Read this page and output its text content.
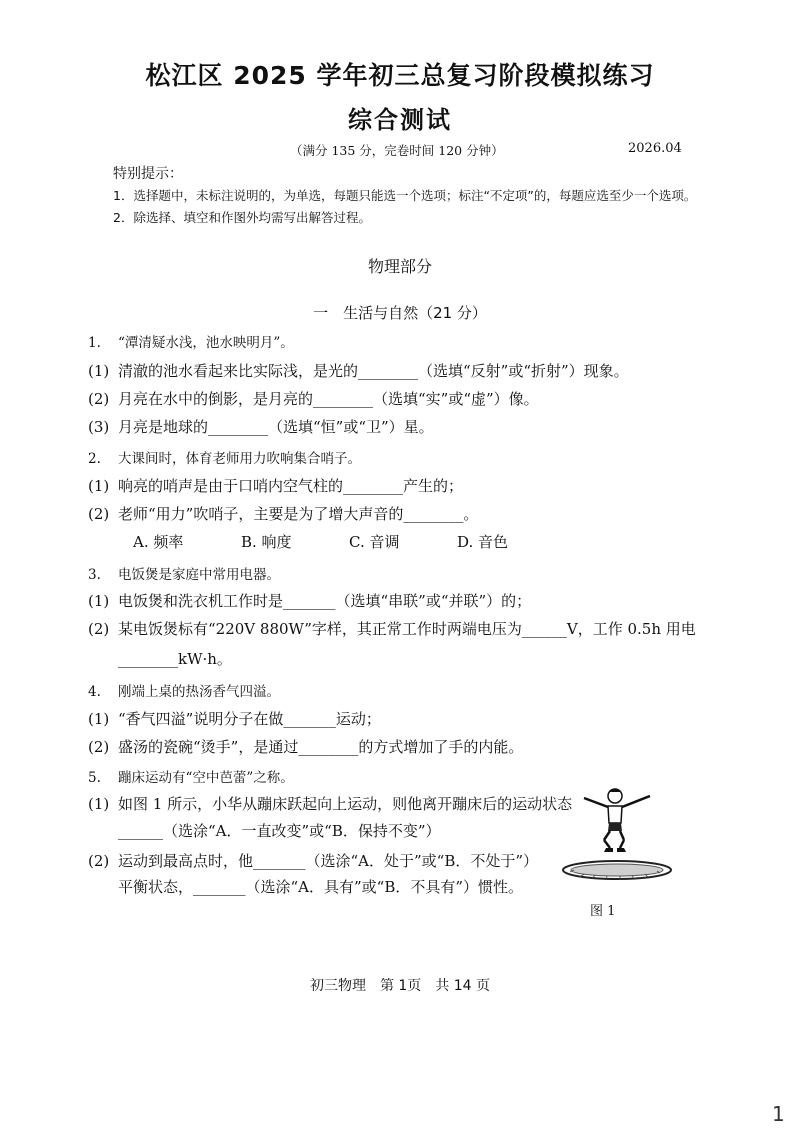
松江区 2025 学年初三总复习阶段模拟练习
综合测试
（满分 135 分，完卷时间 120 分钟）	2026.04
特别提示：
1．选择题中，未标注说明的，为单选，每题只能选一个选项；标注“不定项”的，每题应选至少一个选项。
2．除选择、填空和作图外均需写出解答过程。
物理部分
一　生活与自然（21 分）
1. “潭清疑水浅，池水映明月”。
(1) 清澈的池水看起来比实际浅，是光的________（选填“反射”或“折射”）现象。
(2) 月亮在水中的倒影，是月亮的________（选填“实”或“虚”）像。
(3) 月亮是地球的________（选填“恒”或“卫”）星。
2. 大课间时，体育老师用力吹响集合哨子。
(1) 响亮的哨声是由于口哨内空气柱的________产生的；
(2) 老师“用力”吹哨子，主要是为了增大声音的________。
3. 电饭煲是家庭中常用电器。
(1) 电饭煲和洗衣机工作时是_______（选填“串联”或“并联”）的；
(2) 某电饭煲标有“220V 880W”字样，其正常工作时两端电压为______V，工作 0.5h 用电
________kW·h。
4. 刚端上桌的热汤香气四溢。
(1) “香气四溢”说明分子在做_______运动；
(2) 盛汤的瓷碗“烫手”，是通过________的方式增加了手的内能。
5. 蹦床运动有“空中芭蕾”之称。
(1) 如图 1 所示，小华从蹦床跃起向上运动，则他离开蹦床后的运动状态
______（选涂“A．一直改变”或“B．保持不变”）
(2) 运动到最高点时，他_______（选涂“A．处于”或“B．不处于”）
平衡状态，_______（选涂“A．具有”或“B．不具有”）惯性。
A. 频率	B. 响度	C. 音调	D. 音色
图 1
初三物理　第 1页　共 14 页
1
